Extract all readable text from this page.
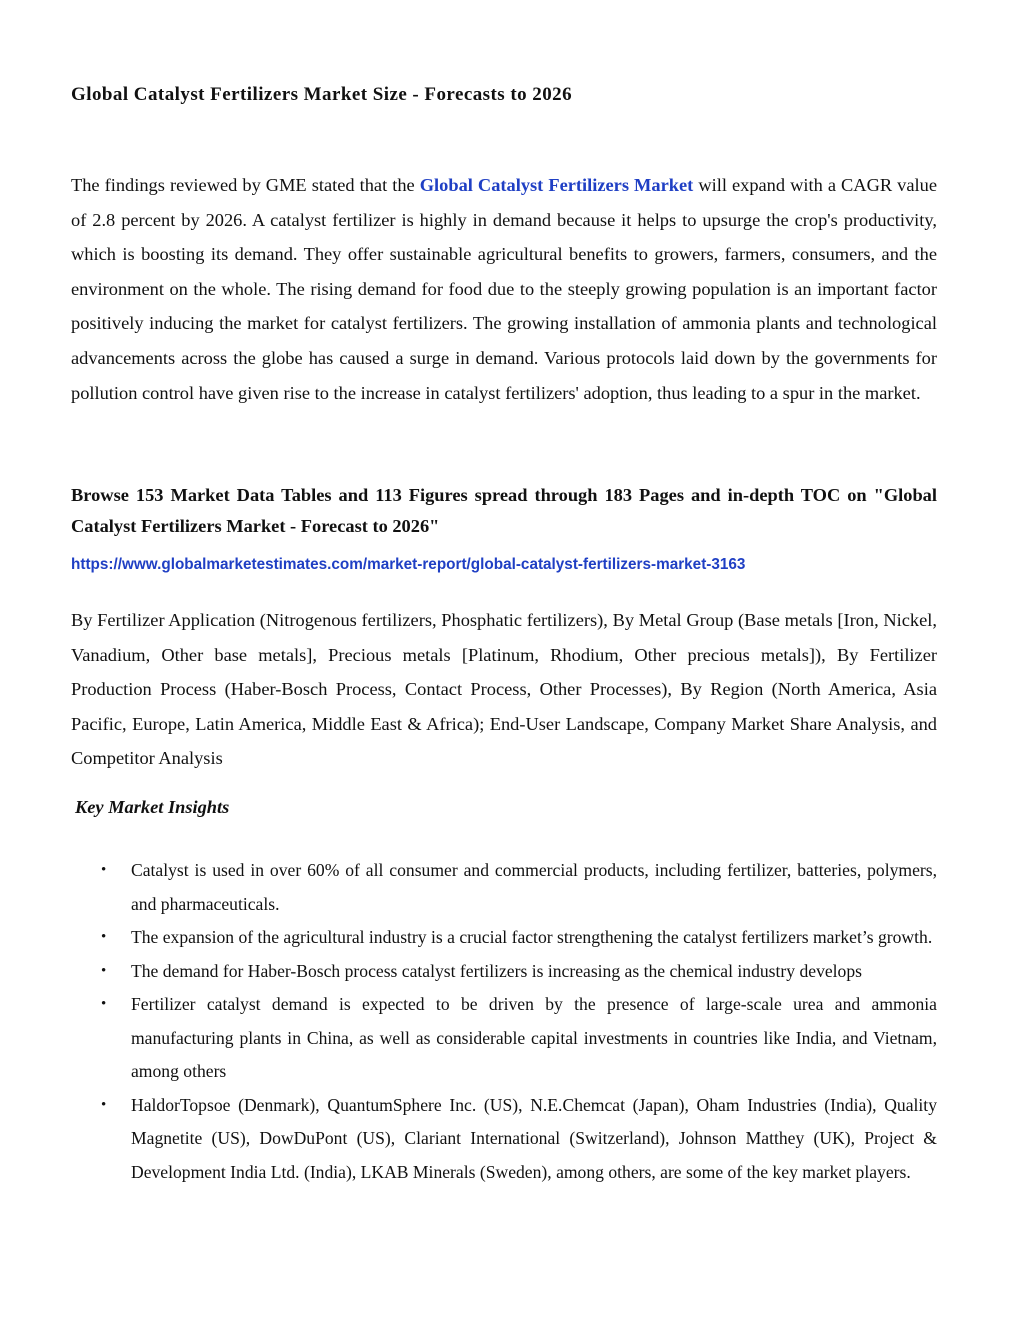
Global Catalyst Fertilizers Market Size - Forecasts to 2026

The findings reviewed by GME stated that the Global Catalyst Fertilizers Market will expand with a CAGR value of 2.8 percent by 2026. A catalyst fertilizer is highly in demand because it helps to upsurge the crop's productivity, which is boosting its demand. They offer sustainable agricultural benefits to growers, farmers, consumers, and the environment on the whole. The rising demand for food due to the steeply growing population is an important factor positively inducing the market for catalyst fertilizers. The growing installation of ammonia plants and technological advancements across the globe has caused a surge in demand. Various protocols laid down by the governments for pollution control have given rise to the increase in catalyst fertilizers' adoption, thus leading to a spur in the market.

Browse 153 Market Data Tables and 113 Figures spread through 183 Pages and in-depth TOC on "Global Catalyst Fertilizers Market - Forecast to 2026"

https://www.globalmarketestimates.com/market-report/global-catalyst-fertilizers-market-3163

By Fertilizer Application (Nitrogenous fertilizers, Phosphatic fertilizers), By Metal Group (Base metals [Iron, Nickel, Vanadium, Other base metals], Precious metals [Platinum, Rhodium, Other precious metals]), By Fertilizer Production Process (Haber-Bosch Process, Contact Process, Other Processes), By Region (North America, Asia Pacific, Europe, Latin America, Middle East & Africa); End-User Landscape, Company Market Share Analysis, and Competitor Analysis

Key Market Insights
• Catalyst is used in over 60% of all consumer and commercial products, including fertilizer, batteries, polymers, and pharmaceuticals.
• The expansion of the agricultural industry is a crucial factor strengthening the catalyst fertilizers market’s growth.
• The demand for Haber-Bosch process catalyst fertilizers is increasing as the chemical industry develops
• Fertilizer catalyst demand is expected to be driven by the presence of large-scale urea and ammonia manufacturing plants in China, as well as considerable capital investments in countries like India, and Vietnam, among others
• HaldorTopsoe (Denmark), QuantumSphere Inc. (US), N.E.Chemcat (Japan), Oham Industries (India), Quality Magnetite (US), DowDuPont (US), Clariant International (Switzerland), Johnson Matthey (UK), Project & Development India Ltd. (India), LKAB Minerals (Sweden), among others, are some of the key market players.
